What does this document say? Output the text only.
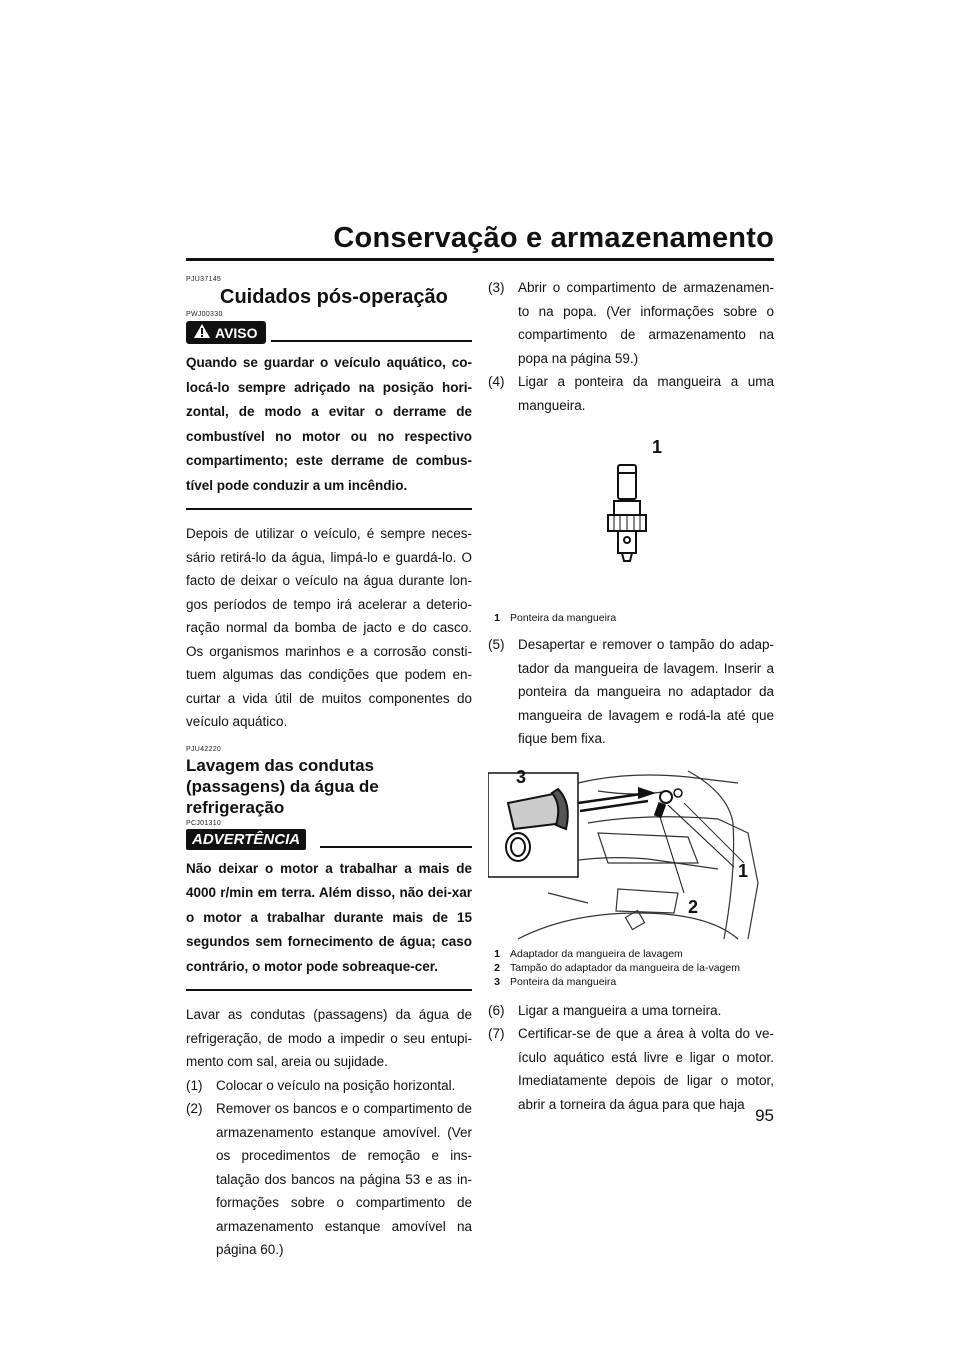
Conservação e armazenamento
PJU37145
Cuidados pós-operação
PWJ00330
AVISO
Quando se guardar o veículo aquático, co-locá-lo sempre adriçado na posição hori-zontal, de modo a evitar o derrame de combustível no motor ou no respectivo compartimento; este derrame de combus-tível pode conduzir a um incêndio.

Depois de utilizar o veículo, é sempre neces-sário retirá-lo da água, limpá-lo e guardá-lo. O facto de deixar o veículo na água durante lon-gos períodos de tempo irá acelerar a deterio-ração normal da bomba de jacto e do casco. Os organismos marinhos e a corrosão consti-tuem algumas das condições que podem en-curtar a vida útil de muitos componentes do veículo aquático.

PJU42220
Lavagem das condutas (passagens) da água de refrigeração
PCJ01310
ADVERTÊNCIA
Não deixar o motor a trabalhar a mais de 4000 r/min em terra. Além disso, não dei-xar o motor a trabalhar durante mais de 15 segundos sem fornecimento de água; caso contrário, o motor pode sobreaque-cer.

Lavar as condutas (passagens) da água de refrigeração, de modo a impedir o seu entupi-mento com sal, areia ou sujidade.

(1)	Colocar o veículo na posição horizontal.
(2)	Remover os bancos e o compartimento de armazenamento estanque amovível. (Ver os procedimentos de remoção e ins-talação dos bancos na página 53 e as in-formações sobre o compartimento de armazenamento estanque amovível na página 60.)
(3)	Abrir o compartimento de armazenamen-to na popa. (Ver informações sobre o compartimento de armazenamento na popa na página 59.)
(4)	Ligar a ponteira da mangueira a uma mangueira.
1
1 Ponteira da mangueira
(5)	Desapertar e remover o tampão do adap-tador da mangueira de lavagem. Inserir a ponteira da mangueira no adaptador da mangueira de lavagem e rodá-la até que fique bem fixa.
3
1
2
1 Adaptador da mangueira de lavagem
2 Tampão do adaptador da mangueira de la-vagem
3 Ponteira da mangueira
(6)	Ligar a mangueira a uma torneira.
(7)	Certificar-se de que a área à volta do ve-ículo aquático está livre e ligar o motor. Imediatamente depois de ligar o motor, abrir a torneira da água para que haja
95
